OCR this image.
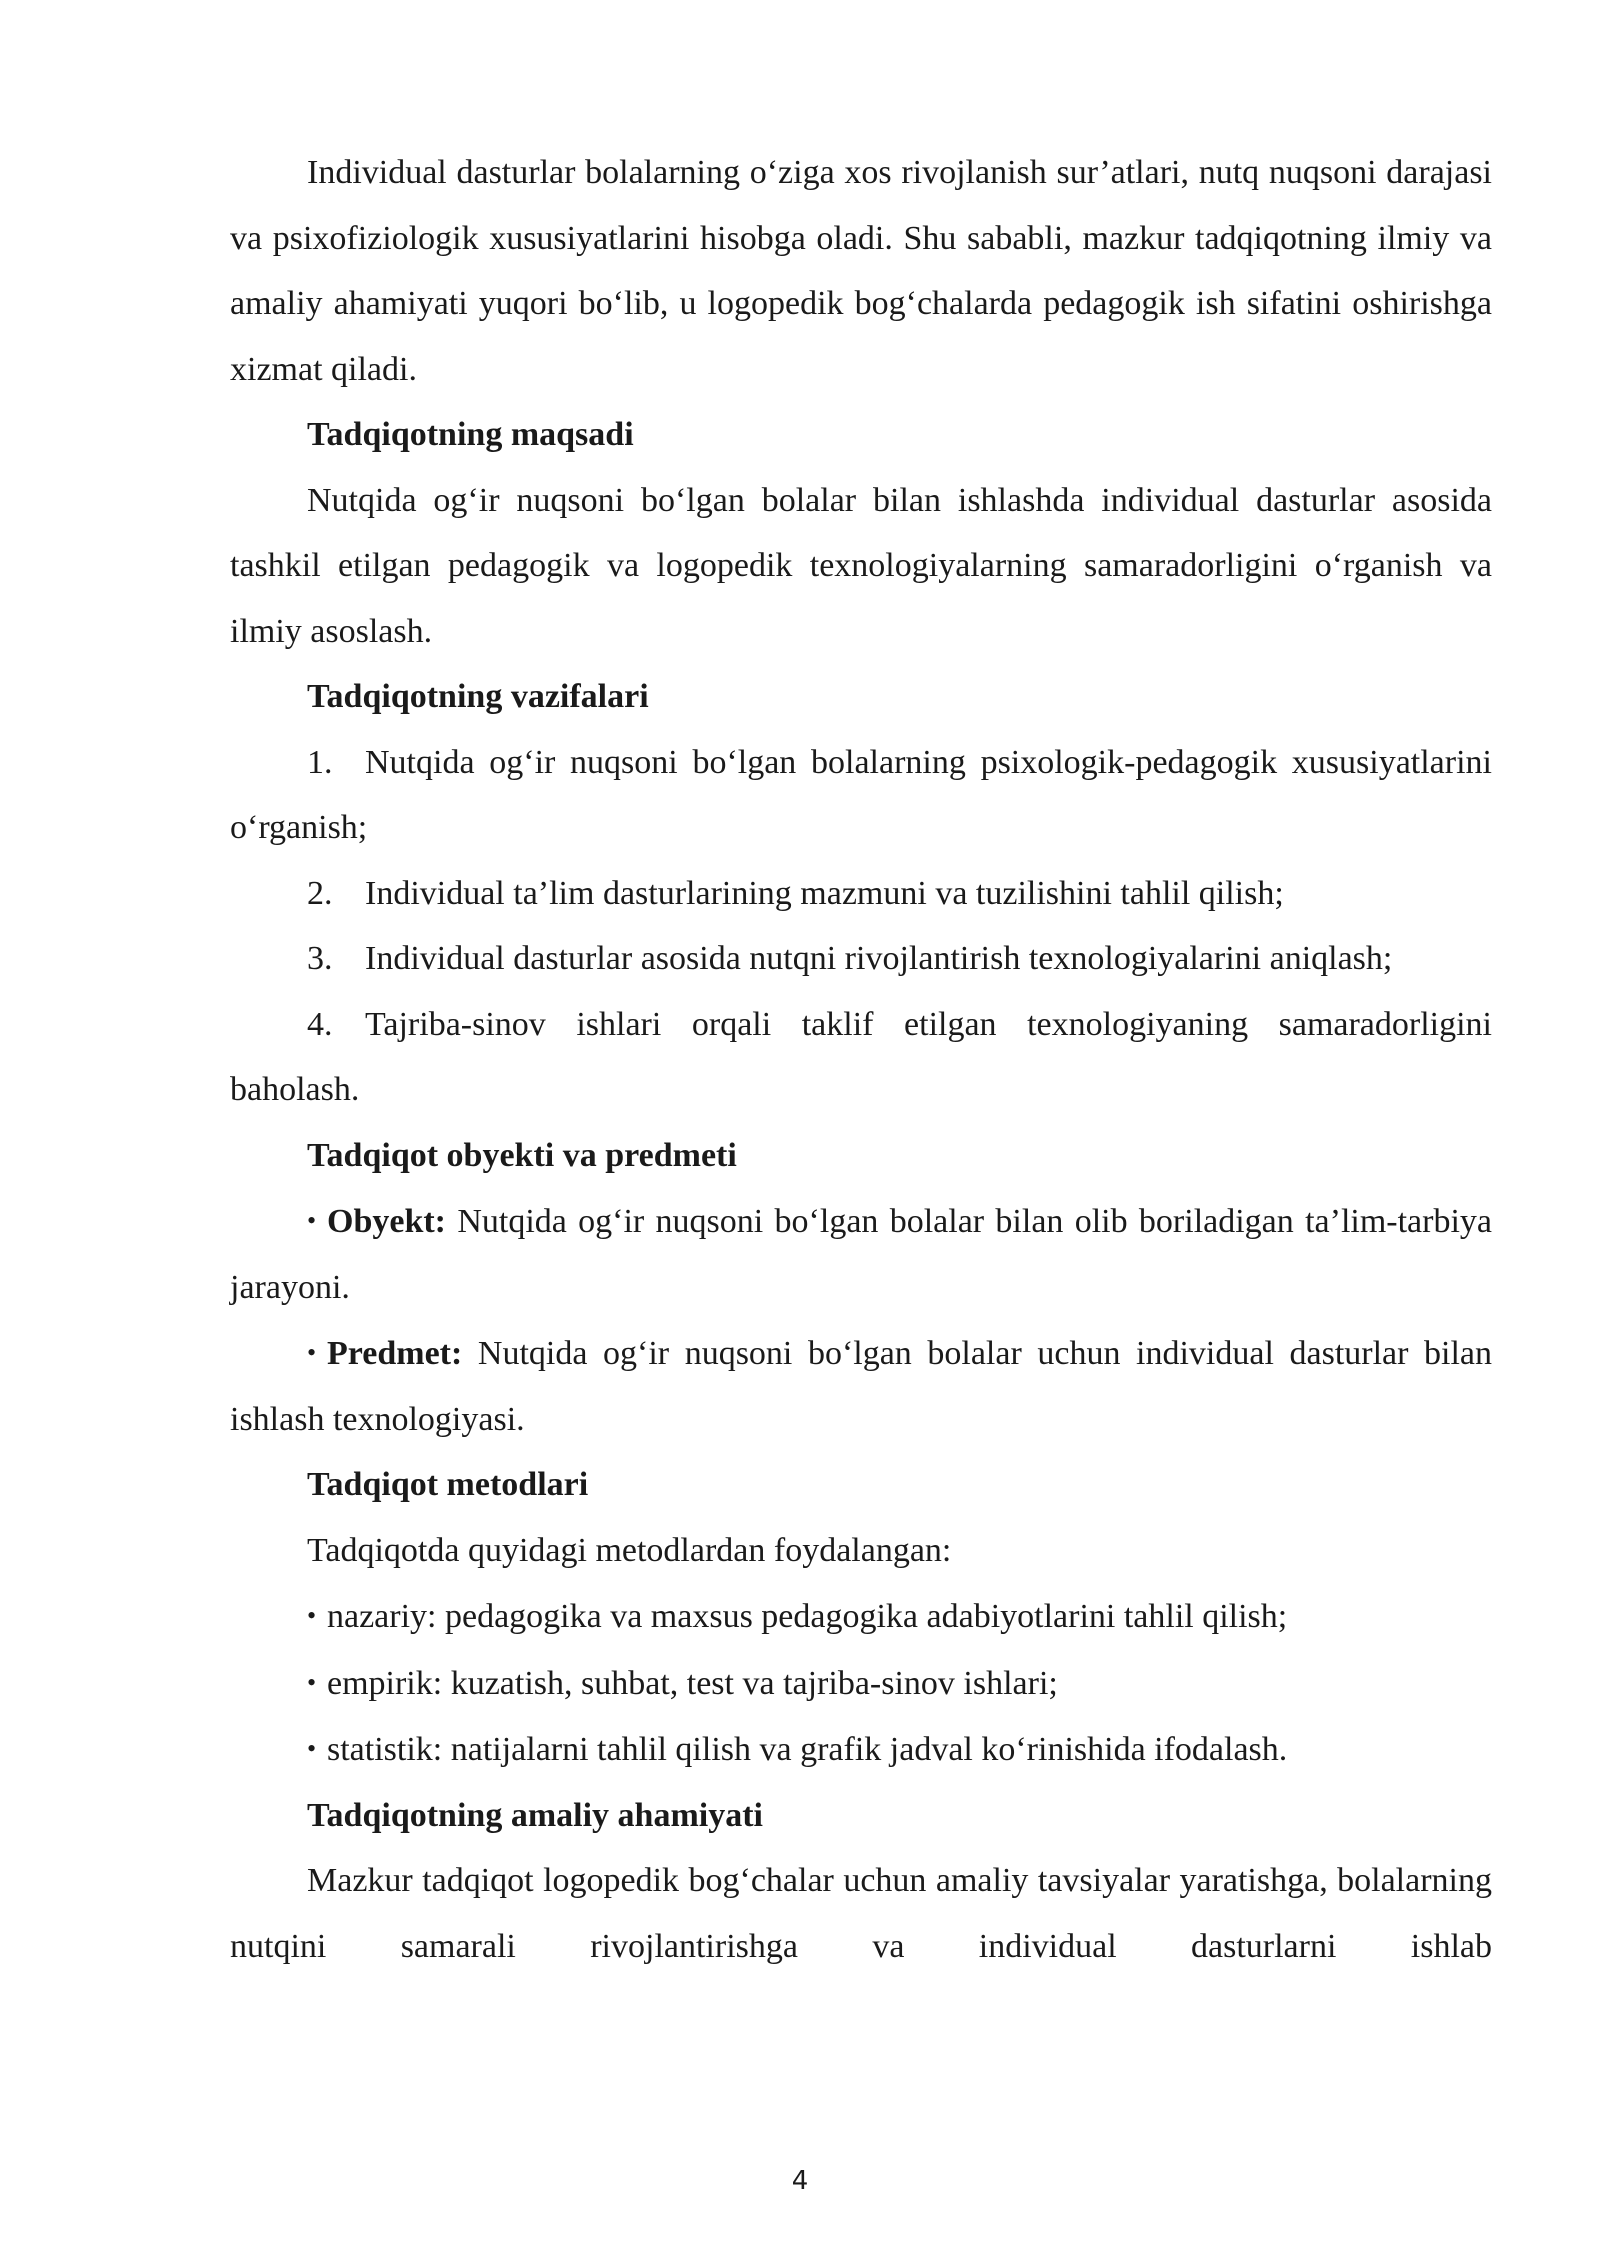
Individual dasturlar bolalarning o‘ziga xos rivojlanish sur’atlari, nutq nuqsoni darajasi va psixofiziologik xususiyatlarini hisobga oladi. Shu sababli, mazkur tadqiqotning ilmiy va amaliy ahamiyati yuqori bo‘lib, u logopedik bog‘chalarda pedagogik ish sifatini oshirishga xizmat qiladi.

Tadqiqotning maqsadi

Nutqida og‘ir nuqsoni bo‘lgan bolalar bilan ishlashda individual dasturlar asosida tashkil etilgan pedagogik va logopedik texnologiyalarning samaradorligini o‘rganish va ilmiy asoslash.

Tadqiqotning vazifalari

1. Nutqida og‘ir nuqsoni bo‘lgan bolalarning psixologik-pedagogik xususiyatlarini o‘rganish;

2. Individual ta’lim dasturlarining mazmuni va tuzilishini tahlil qilish;

3. Individual dasturlar asosida nutqni rivojlantirish texnologiyalarini aniqlash;

4. Tajriba-sinov ishlari orqali taklif etilgan texnologiyaning samaradorligini baholash.

Tadqiqot obyekti va predmeti

• Obyekt: Nutqida og‘ir nuqsoni bo‘lgan bolalar bilan olib boriladigan ta’lim-tarbiya jarayoni.

• Predmet: Nutqida og‘ir nuqsoni bo‘lgan bolalar uchun individual dasturlar bilan ishlash texnologiyasi.

Tadqiqot metodlari

Tadqiqotda quyidagi metodlardan foydalangan:

• nazariy: pedagogika va maxsus pedagogika adabiyotlarini tahlil qilish;

• empirik: kuzatish, suhbat, test va tajriba-sinov ishlari;

• statistik: natijalarni tahlil qilish va grafik jadval ko‘rinishida ifodalash.

Tadqiqotning amaliy ahamiyati

Mazkur tadqiqot logopedik bog‘chalar uchun amaliy tavsiyalar yaratishga, bolalarning nutqini samarali rivojlantirishga va individual dasturlarni ishlab

4
